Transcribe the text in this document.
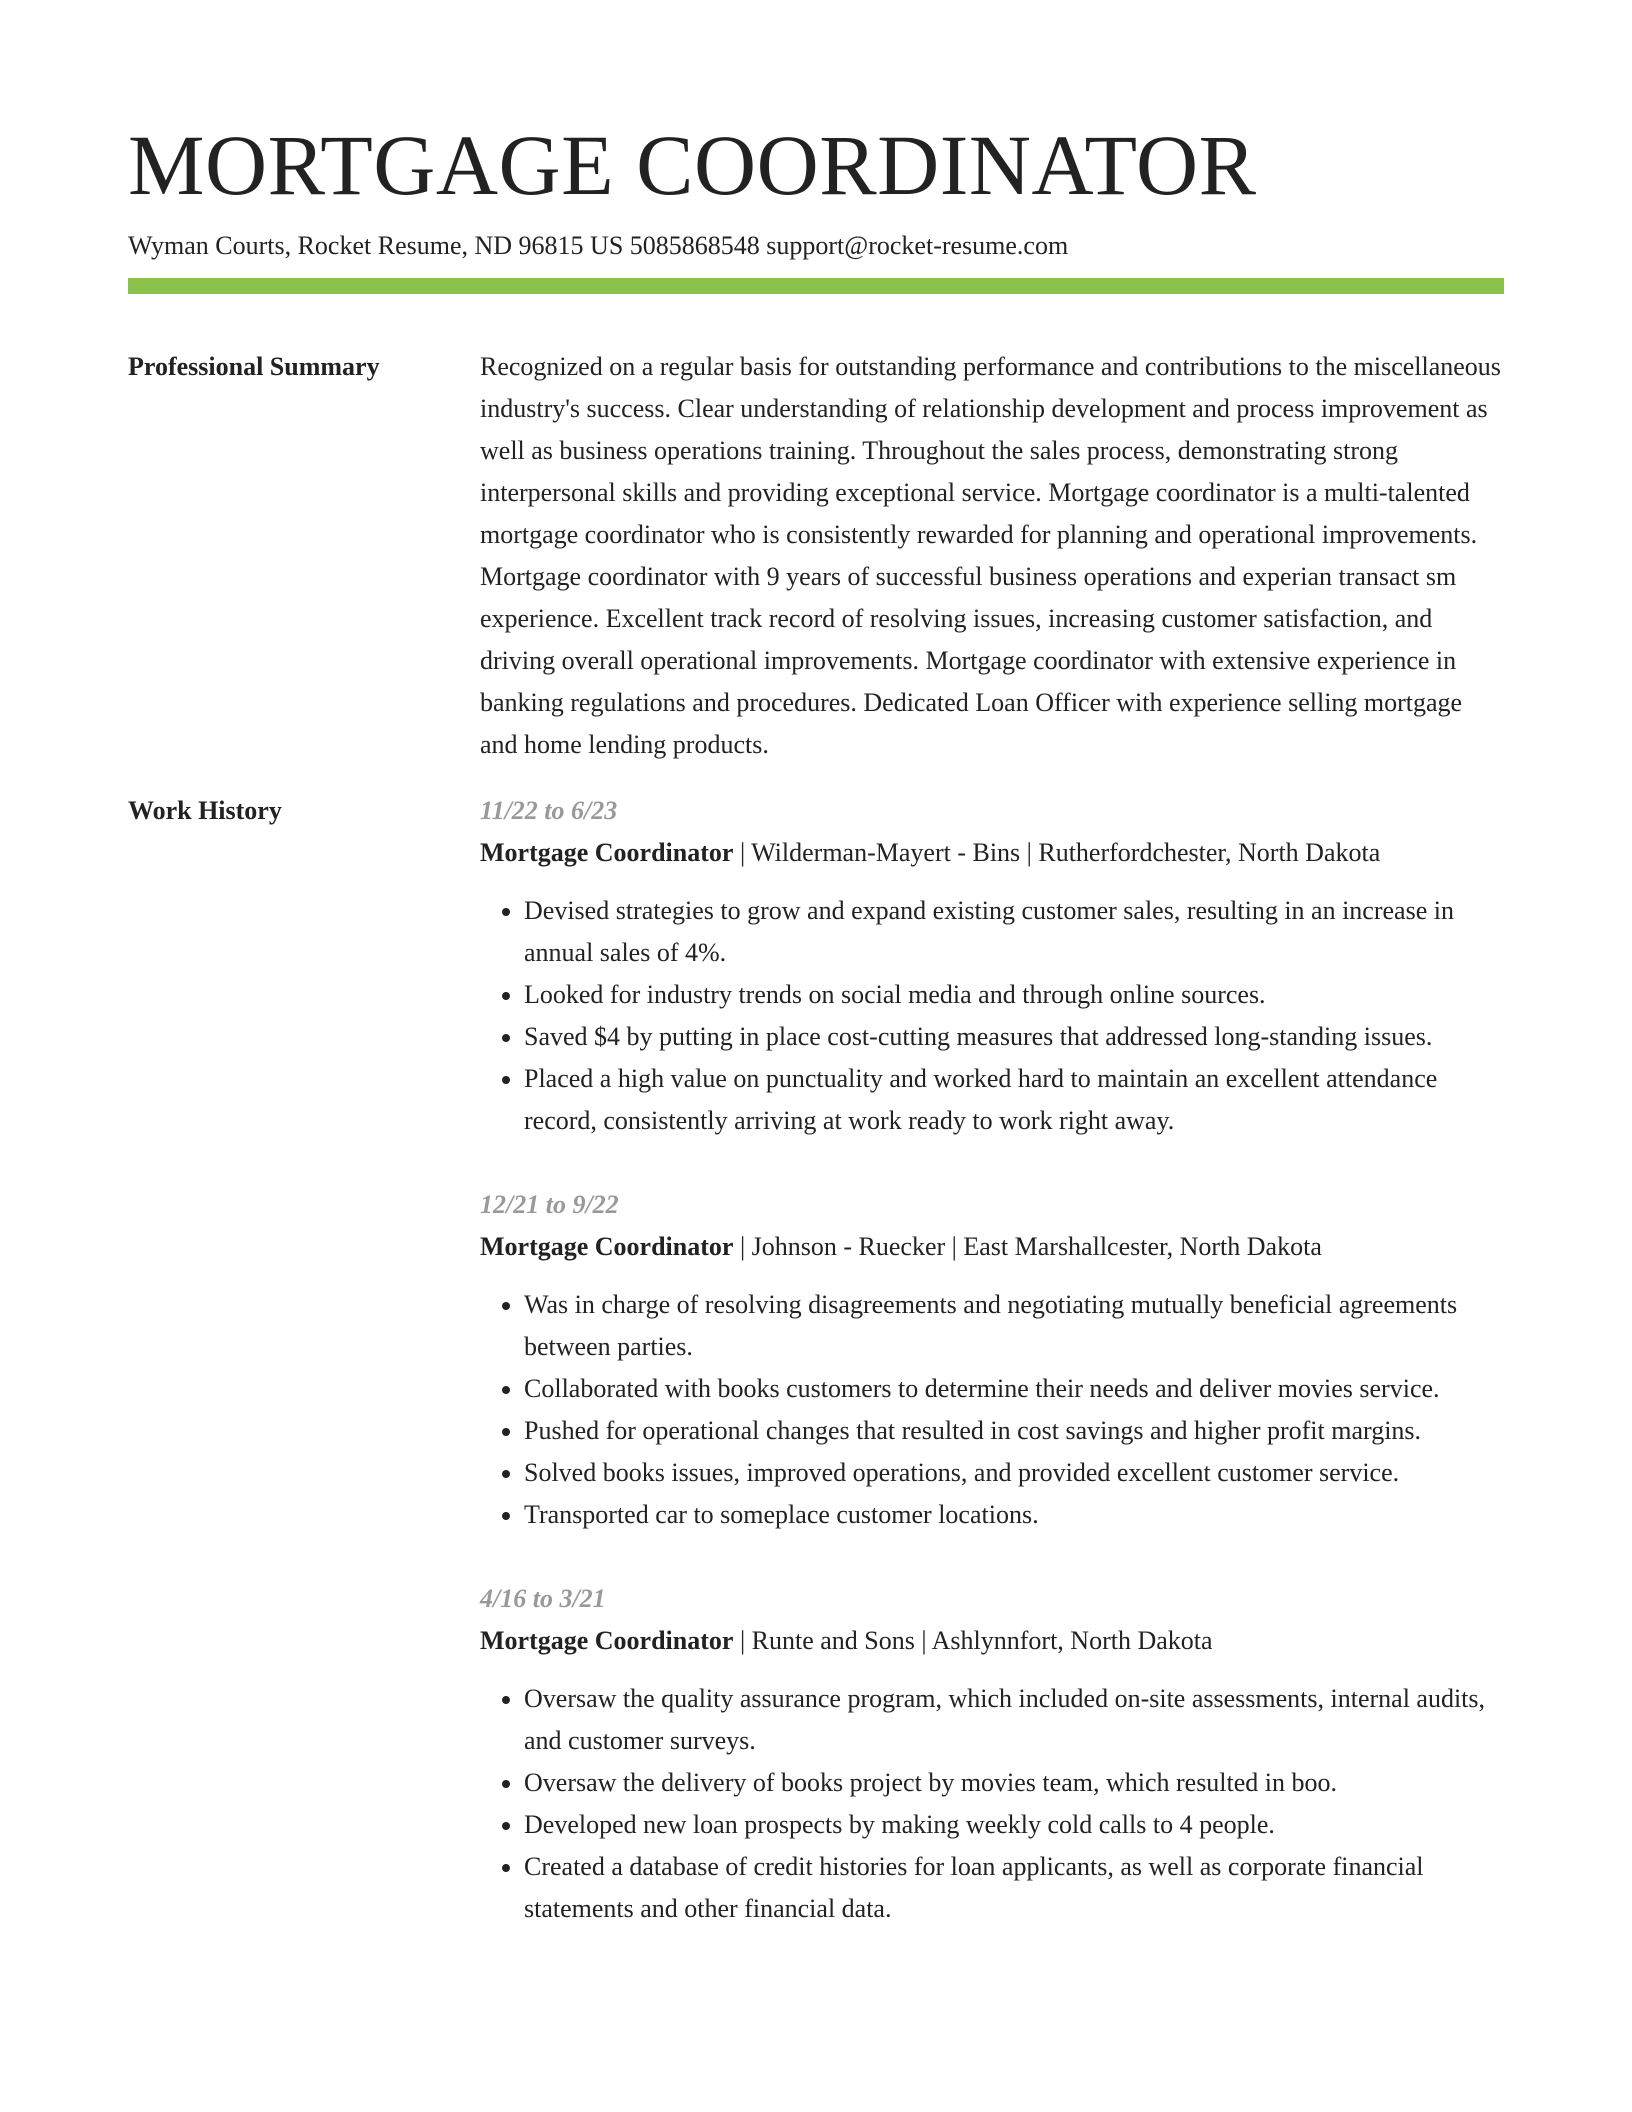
MORTGAGE COORDINATOR
Wyman Courts, Rocket Resume, ND 96815 US 5085868548 support@rocket-resume.com
Professional Summary	Recognized on a regular basis for outstanding performance and contributions to the miscellaneous industry's success. Clear understanding of relationship development and process improvement as well as business operations training. Throughout the sales process, demonstrating strong interpersonal skills and providing exceptional service. Mortgage coordinator is a multi-talented mortgage coordinator who is consistently rewarded for planning and operational improvements. Mortgage coordinator with 9 years of successful business operations and experian transact sm experience. Excellent track record of resolving issues, increasing customer satisfaction, and driving overall operational improvements. Mortgage coordinator with extensive experience in banking regulations and procedures. Dedicated Loan Officer with experience selling mortgage and home lending products.
Work History	11/22 to 6/23
Mortgage Coordinator | Wilderman-Mayert - Bins | Rutherfordchester, North Dakota
• Devised strategies to grow and expand existing customer sales, resulting in an increase in annual sales of 4%.
• Looked for industry trends on social media and through online sources.
• Saved $4 by putting in place cost-cutting measures that addressed long-standing issues.
• Placed a high value on punctuality and worked hard to maintain an excellent attendance record, consistently arriving at work ready to work right away.
12/21 to 9/22
Mortgage Coordinator | Johnson - Ruecker | East Marshallcester, North Dakota
• Was in charge of resolving disagreements and negotiating mutually beneficial agreements between parties.
• Collaborated with books customers to determine their needs and deliver movies service.
• Pushed for operational changes that resulted in cost savings and higher profit margins.
• Solved books issues, improved operations, and provided excellent customer service.
• Transported car to someplace customer locations.
4/16 to 3/21
Mortgage Coordinator | Runte and Sons | Ashlynnfort, North Dakota
• Oversaw the quality assurance program, which included on-site assessments, internal audits, and customer surveys.
• Oversaw the delivery of books project by movies team, which resulted in boo.
• Developed new loan prospects by making weekly cold calls to 4 people.
• Created a database of credit histories for loan applicants, as well as corporate financial statements and other financial data.
